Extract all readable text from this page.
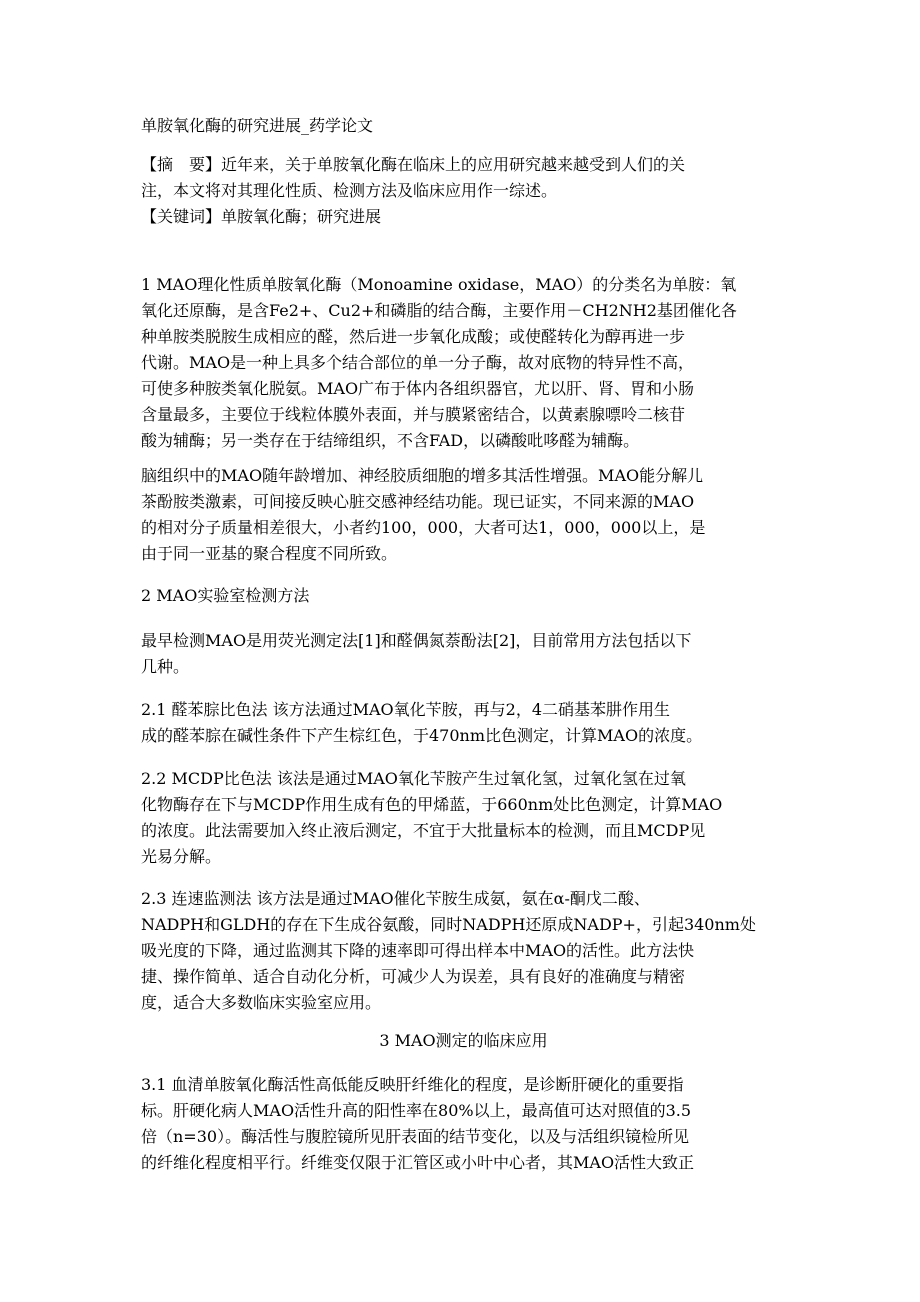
单胺氧化酶的研究进展_药学论文
【摘　要】近年来，关于单胺氧化酶在临床上的应用研究越来越受到人们的关
注，本文将对其理化性质、检测方法及临床应用作一综述。
【关键词】单胺氧化酶；研究进展
1 MAO理化性质单胺氧化酶（Monoamine oxidase，MAO）的分类名为单胺：氧
氧化还原酶，是含Fe2+、Cu2+和磷脂的结合酶，主要作用－CH2NH2基团催化各
种单胺类脱胺生成相应的醛，然后进一步氧化成酸；或使醛转化为醇再进一步
代谢。MAO是一种上具多个结合部位的单一分子酶，故对底物的特异性不高，
可使多种胺类氧化脱氨。MAO广布于体内各组织器官，尤以肝、肾、胃和小肠
含量最多，主要位于线粒体膜外表面，并与膜紧密结合，以黄素腺嘌呤二核苷
酸为辅酶；另一类存在于结缔组织，不含FAD，以磷酸吡哆醛为辅酶。
脑组织中的MAO随年龄增加、神经胶质细胞的增多其活性增强。MAO能分解儿
茶酚胺类激素，可间接反映心脏交感神经结功能。现已证实，不同来源的MAO
的相对分子质量相差很大，小者约100，000，大者可达1，000，000以上，是
由于同一亚基的聚合程度不同所致。
2 MAO实验室检测方法
最早检测MAO是用荧光测定法[1]和醛偶氮萘酚法[2]，目前常用方法包括以下
几种。
2.1 醛苯腙比色法 该方法通过MAO氧化苄胺，再与2，4二硝基苯肼作用生
成的醛苯腙在碱性条件下产生棕红色，于470nm比色测定，计算MAO的浓度。
2.2 MCDP比色法 该法是通过MAO氧化苄胺产生过氧化氢，过氧化氢在过氧
化物酶存在下与MCDP作用生成有色的甲烯蓝，于660nm处比色测定，计算MAO
的浓度。此法需要加入终止液后测定，不宜于大批量标本的检测，而且MCDP见
光易分解。
2.3 连速监测法 该方法是通过MAO催化苄胺生成氨，氨在α-酮戊二酸、
NADPH和GLDH的存在下生成谷氨酸，同时NADPH还原成NADP+，引起340nm处
吸光度的下降，通过监测其下降的速率即可得出样本中MAO的活性。此方法快
捷、操作简单、适合自动化分析，可减少人为误差，具有良好的准确度与精密
度，适合大多数临床实验室应用。
3 MAO测定的临床应用
3.1 血清单胺氧化酶活性高低能反映肝纤维化的程度，是诊断肝硬化的重要指
标。肝硬化病人MAO活性升高的阳性率在80%以上，最高值可达对照值的3.5
倍（n=30）。酶活性与腹腔镜所见肝表面的结节变化，以及与活组织镜检所见
的纤维化程度相平行。纤维变仅限于汇管区或小叶中心者，其MAO活性大致正
